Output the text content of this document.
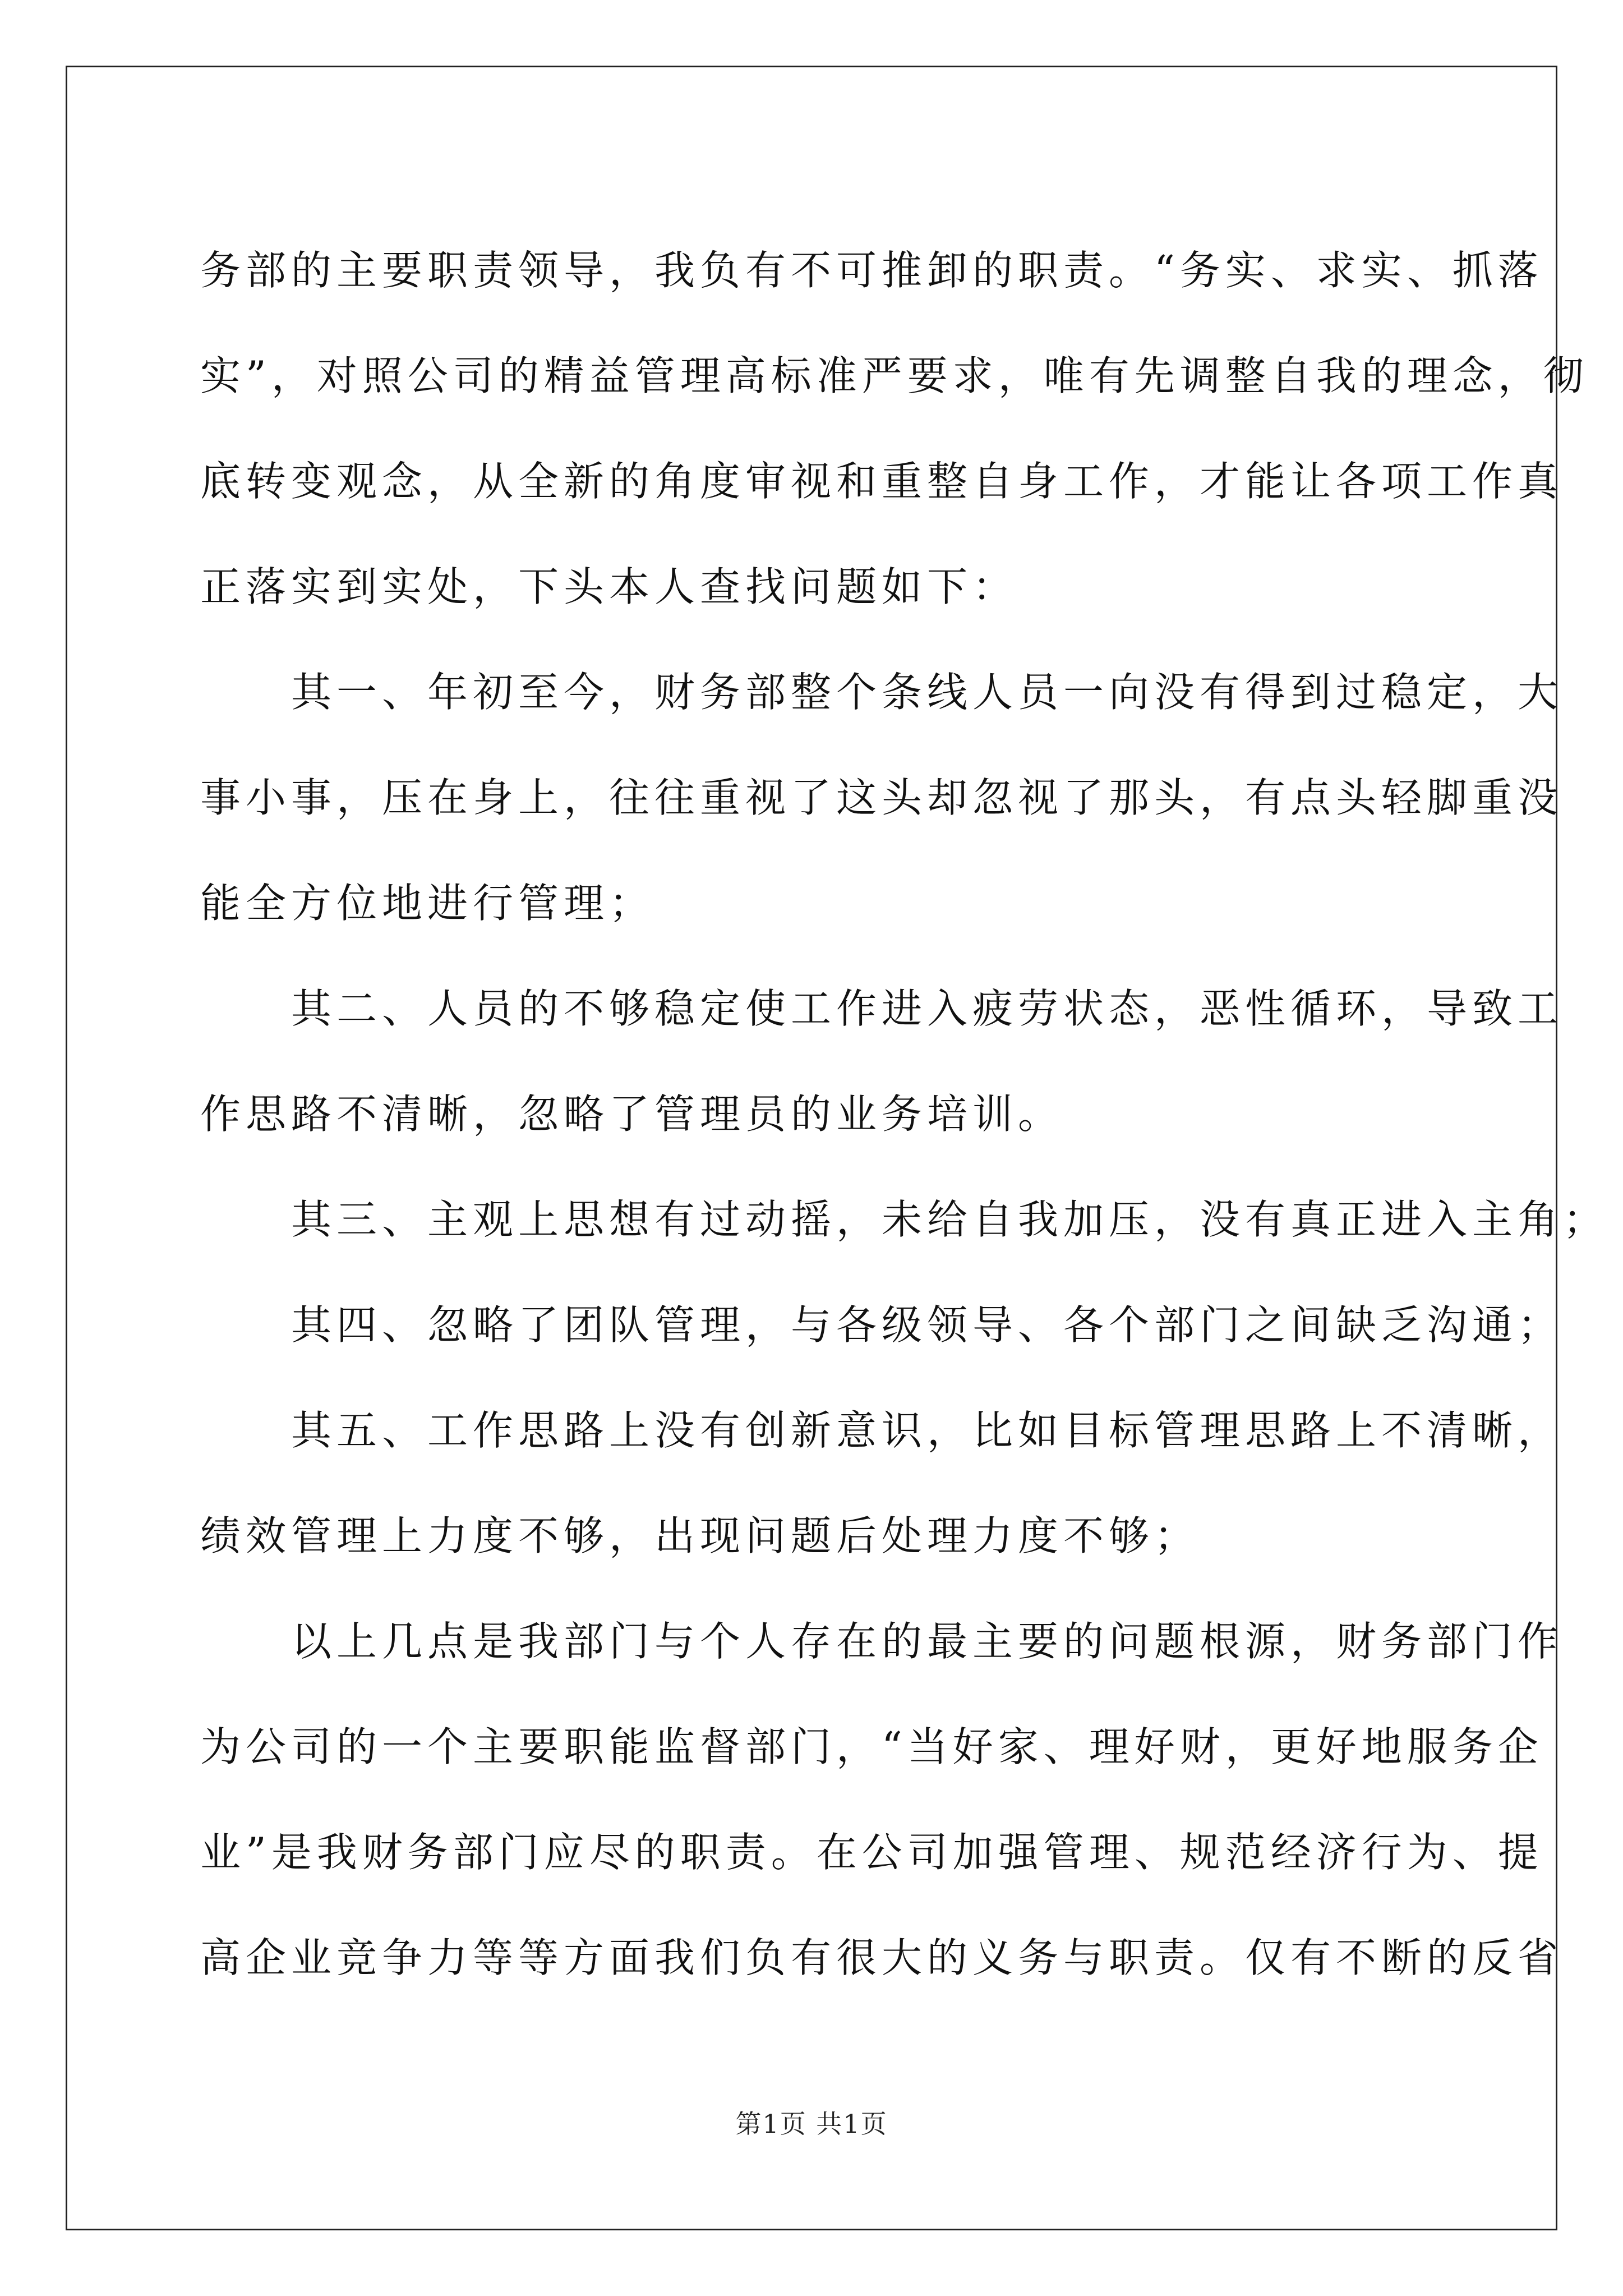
务部的主要职责领导，我负有不可推卸的职责。“务实、求实、抓落
实”，对照公司的精益管理高标准严要求，唯有先调整自我的理念，彻
底转变观念，从全新的角度审视和重整自身工作，才能让各项工作真
正落实到实处，下头本人查找问题如下：

其一、年初至今，财务部整个条线人员一向没有得到过稳定，大
事小事，压在身上，往往重视了这头却忽视了那头，有点头轻脚重没
能全方位地进行管理；

其二、人员的不够稳定使工作进入疲劳状态，恶性循环，导致工
作思路不清晰，忽略了管理员的业务培训。

其三、主观上思想有过动摇，未给自我加压，没有真正进入主角；

其四、忽略了团队管理，与各级领导、各个部门之间缺乏沟通；

其五、工作思路上没有创新意识，比如目标管理思路上不清晰，
绩效管理上力度不够，出现问题后处理力度不够；

以上几点是我部门与个人存在的最主要的问题根源，财务部门作
为公司的一个主要职能监督部门，“当好家、理好财，更好地服务企
业”是我财务部门应尽的职责。在公司加强管理、规范经济行为、提
高企业竞争力等等方面我们负有很大的义务与职责。仅有不断的反省

第1页 共1页
